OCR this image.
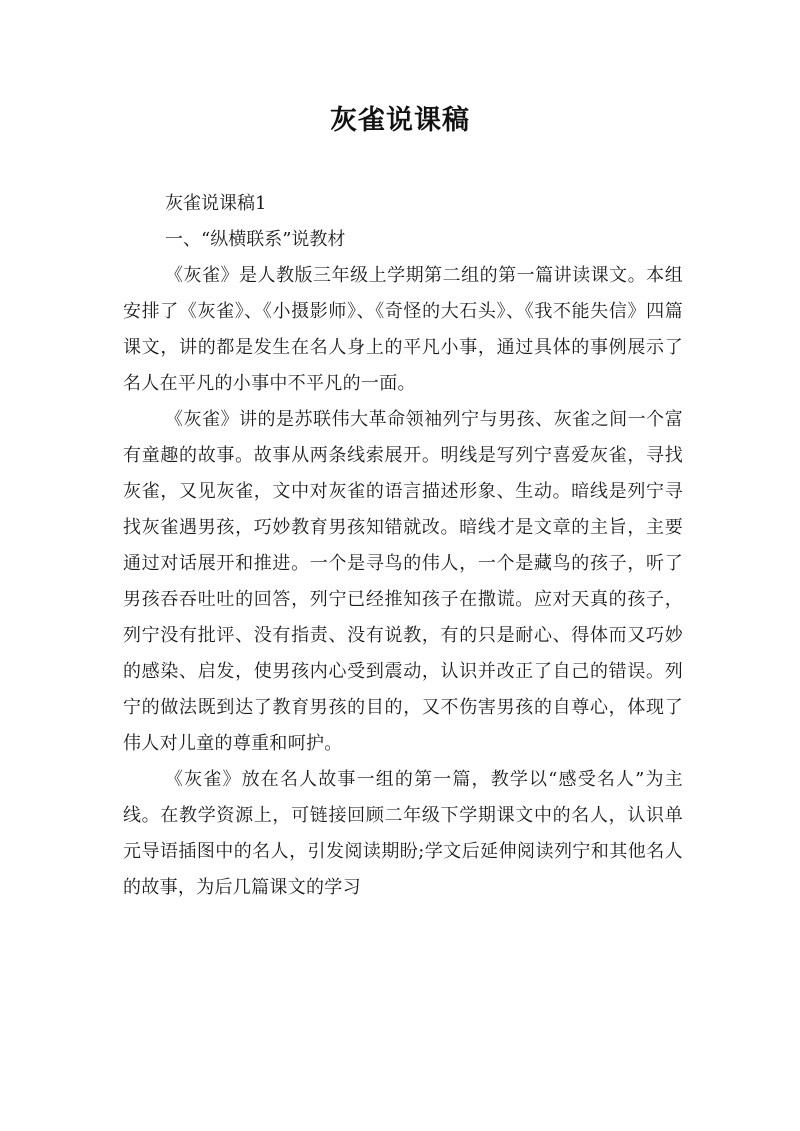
灰雀说课稿
灰雀说课稿1
一、“纵横联系”说教材

《灰雀》是人教版三年级上学期第二组的第一篇讲读课文。本组安排了《灰雀》、《小摄影师》、《奇怪的大石头》、《我不能失信》四篇课文，讲的都是发生在名人身上的平凡小事，通过具体的事例展示了名人在平凡的小事中不平凡的一面。

《灰雀》讲的是苏联伟大革命领袖列宁与男孩、灰雀之间一个富有童趣的故事。故事从两条线索展开。明线是写列宁喜爱灰雀，寻找灰雀，又见灰雀，文中对灰雀的语言描述形象、生动。暗线是列宁寻找灰雀遇男孩，巧妙教育男孩知错就改。暗线才是文章的主旨，主要通过对话展开和推进。一个是寻鸟的伟人，一个是藏鸟的孩子，听了男孩吞吞吐吐的回答，列宁已经推知孩子在撒谎。应对天真的孩子，列宁没有批评、没有指责、没有说教，有的只是耐心、得体而又巧妙的感染、启发，使男孩内心受到震动，认识并改正了自己的错误。列宁的做法既到达了教育男孩的目的，又不伤害男孩的自尊心，体现了伟人对儿童的尊重和呵护。

《灰雀》放在名人故事一组的第一篇，教学以“感受名人”为主线。在教学资源上，可链接回顾二年级下学期课文中的名人，认识单元导语插图中的名人，引发阅读期盼;学文后延伸阅读列宁和其他名人的故事，为后几篇课文的学习
